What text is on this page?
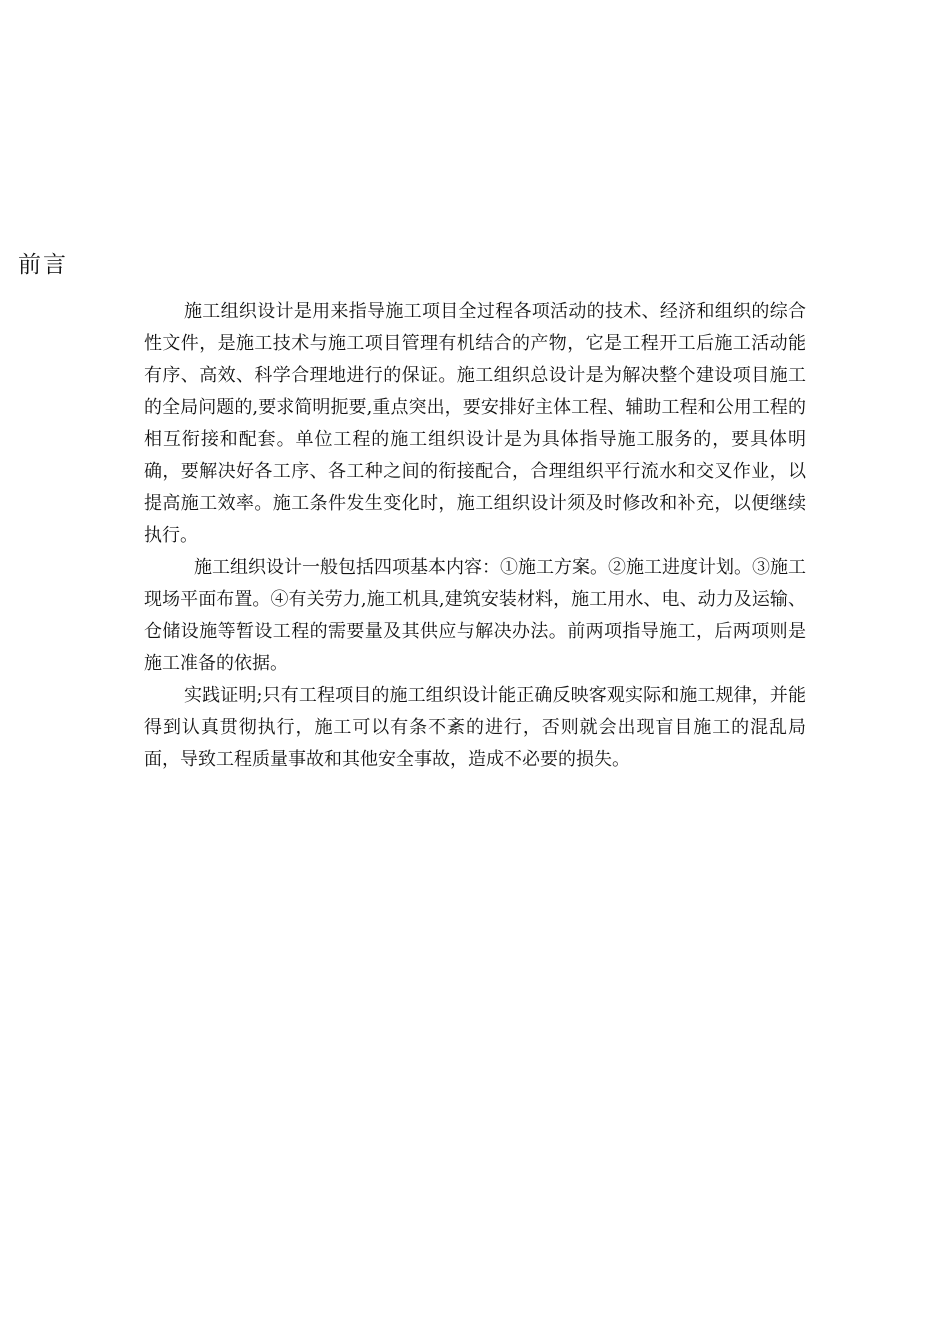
前言

施工组织设计是用来指导施工项目全过程各项活动的技术、经济和组织的综合性文件，是施工技术与施工项目管理有机结合的产物，它是工程开工后施工活动能有序、高效、科学合理地进行的保证。施工组织总设计是为解决整个建设项目施工的全局问题的,要求简明扼要,重点突出，要安排好主体工程、辅助工程和公用工程的相互衔接和配套。单位工程的施工组织设计是为具体指导施工服务的，要具体明确，要解决好各工序、各工种之间的衔接配合，合理组织平行流水和交叉作业，以提高施工效率。施工条件发生变化时，施工组织设计须及时修改和补充，以便继续执行。

施工组织设计一般包括四项基本内容：①施工方案。②施工进度计划。③施工现场平面布置。④有关劳力,施工机具,建筑安装材料，施工用水、电、动力及运输、仓储设施等暂设工程的需要量及其供应与解决办法。前两项指导施工，后两项则是施工准备的依据。

实践证明;只有工程项目的施工组织设计能正确反映客观实际和施工规律，并能得到认真贯彻执行，施工可以有条不紊的进行，否则就会出现盲目施工的混乱局面，导致工程质量事故和其他安全事故，造成不必要的损失。
